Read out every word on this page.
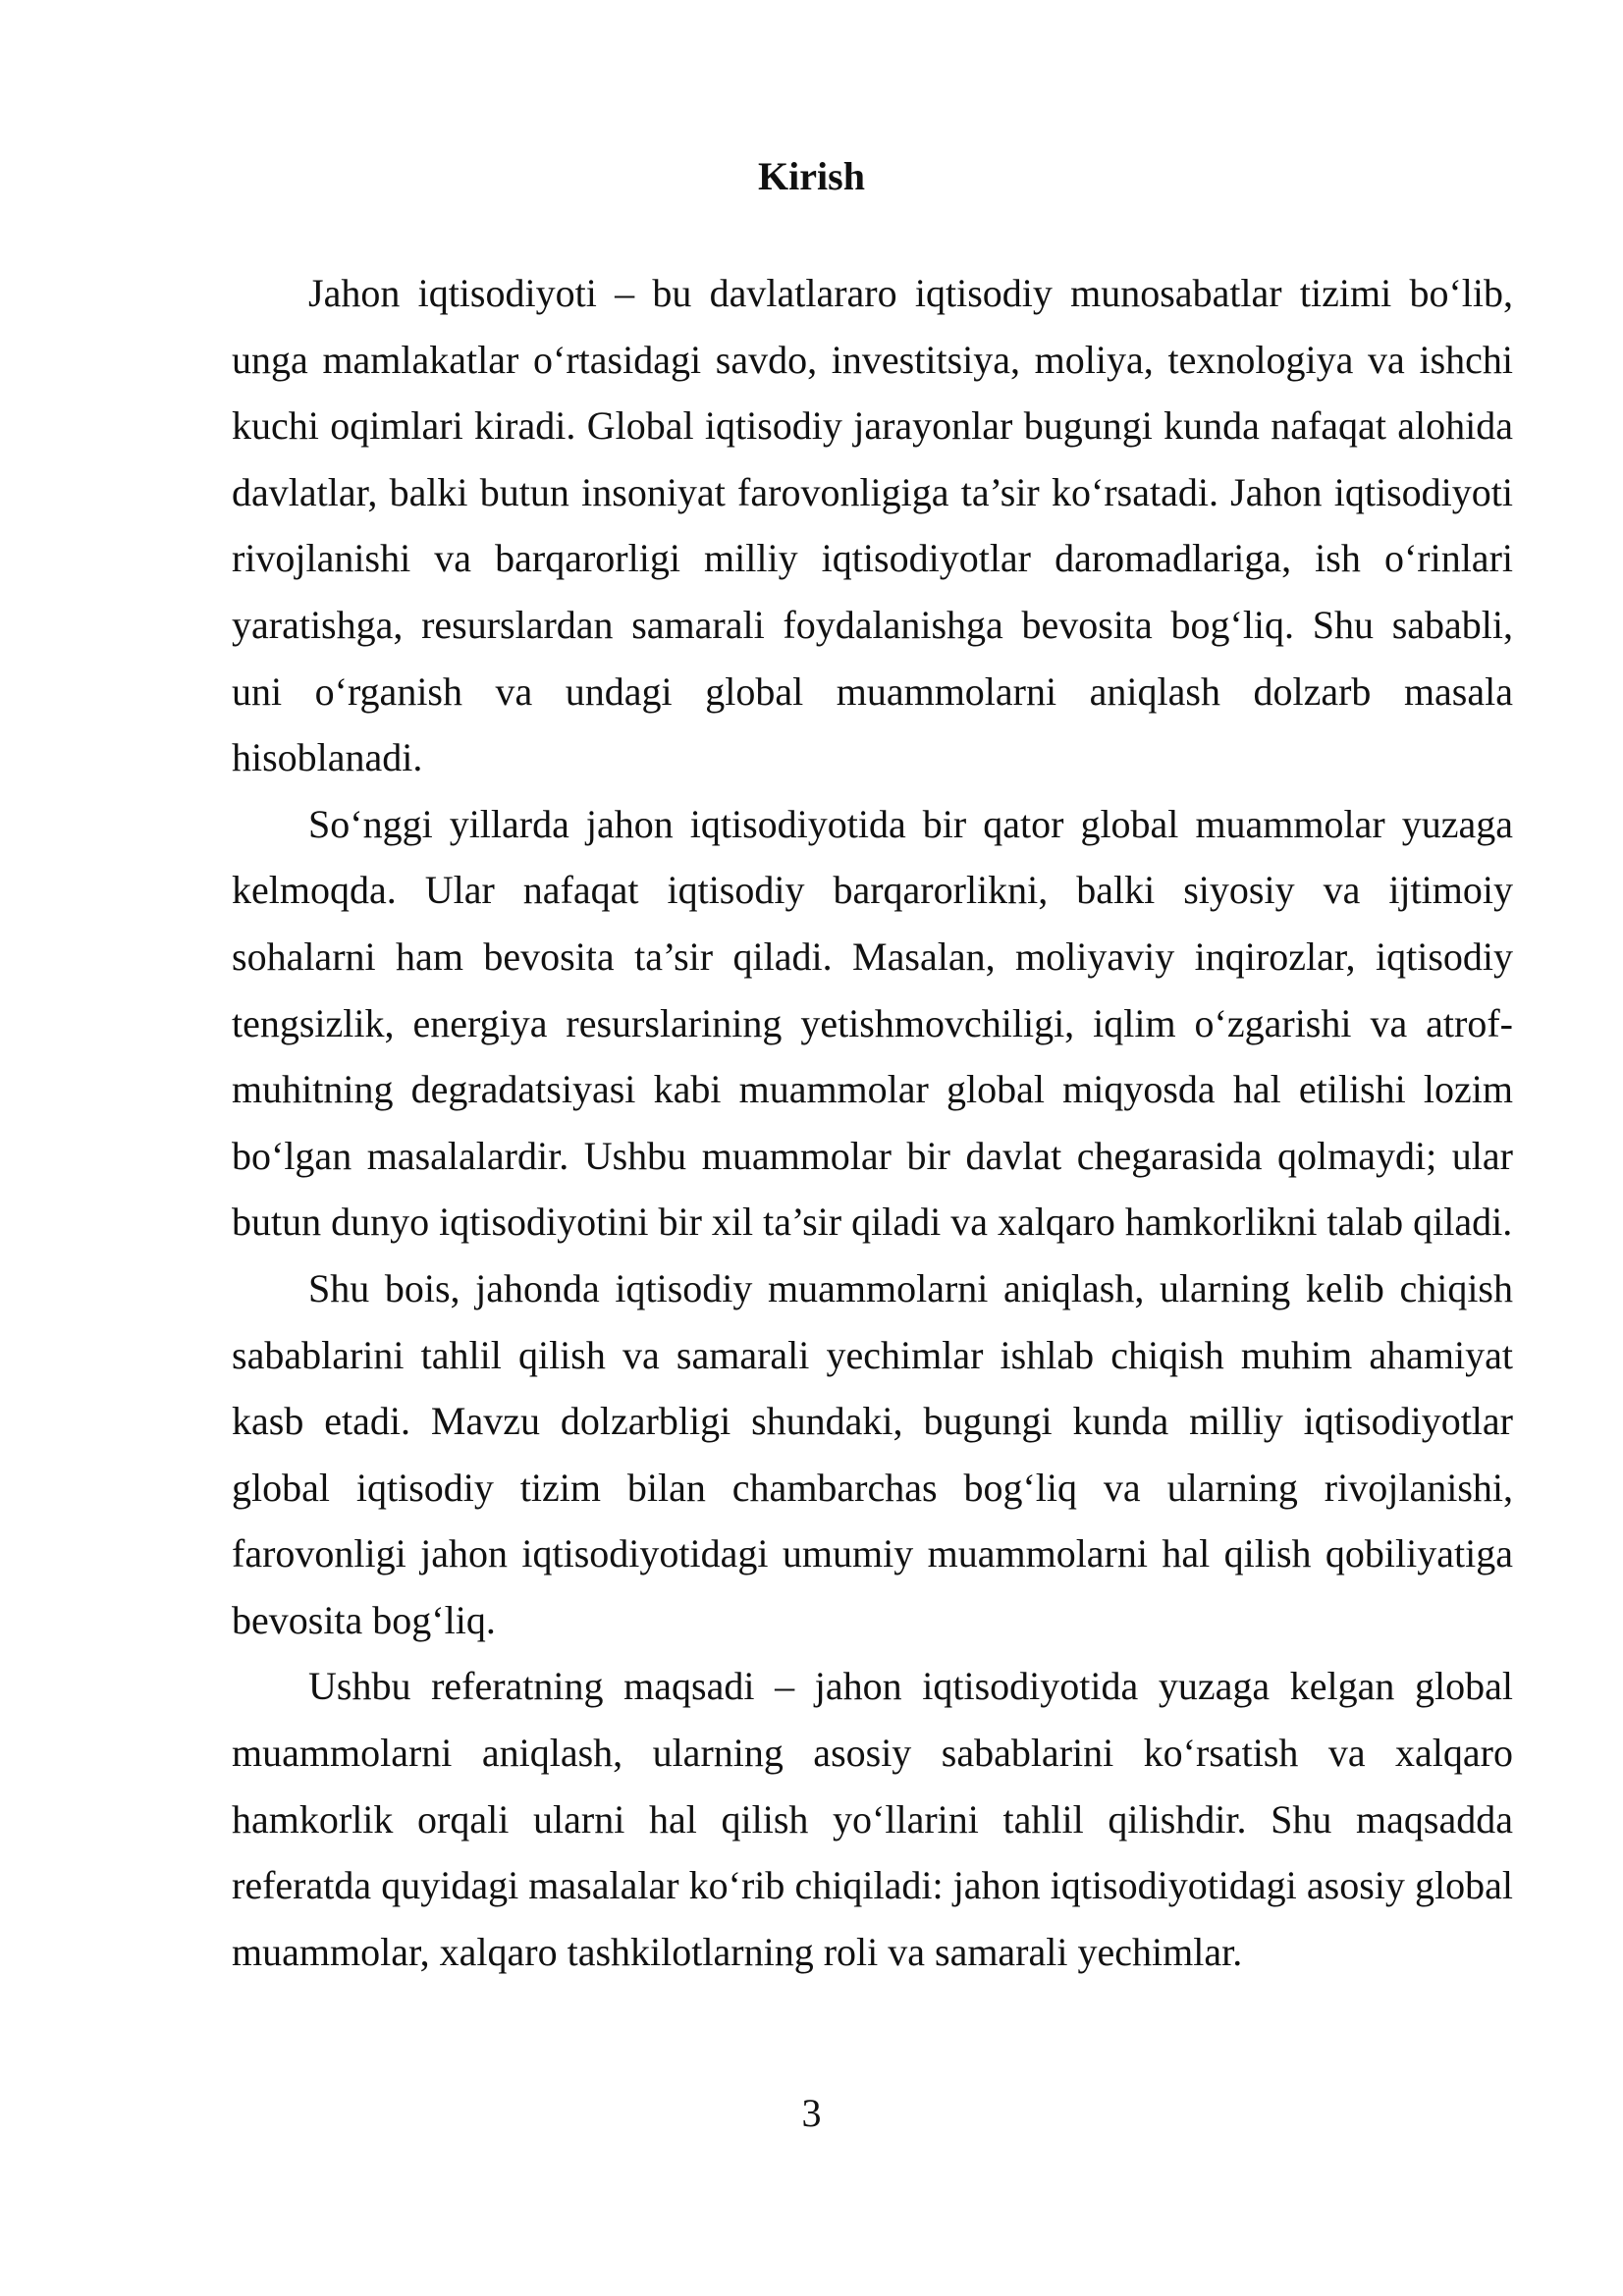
Kirish

Jahon iqtisodiyoti – bu davlatlararo iqtisodiy munosabatlar tizimi bo‘lib, unga mamlakatlar o‘rtasidagi savdo, investitsiya, moliya, texnologiya va ishchi kuchi oqimlari kiradi. Global iqtisodiy jarayonlar bugungi kunda nafaqat alohida davlatlar, balki butun insoniyat farovonligiga ta’sir ko‘rsatadi. Jahon iqtisodiyoti rivojlanishi va barqarorligi milliy iqtisodiyotlar daromadlariga, ish o‘rinlari yaratishga, resurslardan samarali foydalanishga bevosita bog‘liq. Shu sababli, uni o‘rganish va undagi global muammolarni aniqlash dolzarb masala hisoblanadi.

So‘nggi yillarda jahon iqtisodiyotida bir qator global muammolar yuzaga kelmoqda. Ular nafaqat iqtisodiy barqarorlikni, balki siyosiy va ijtimoiy sohalarni ham bevosita ta’sir qiladi. Masalan, moliyaviy inqirozlar, iqtisodiy tengsizlik, energiya resurslarining yetishmovchiligi, iqlim o‘zgarishi va atrof-muhitning degradatsiyasi kabi muammolar global miqyosda hal etilishi lozim bo‘lgan masalalardir. Ushbu muammolar bir davlat chegarasida qolmaydi; ular butun dunyo iqtisodiyotini bir xil ta’sir qiladi va xalqaro hamkorlikni talab qiladi.

Shu bois, jahonda iqtisodiy muammolarni aniqlash, ularning kelib chiqish sabablarini tahlil qilish va samarali yechimlar ishlab chiqish muhim ahamiyat kasb etadi. Mavzu dolzarbligi shundaki, bugungi kunda milliy iqtisodiyotlar global iqtisodiy tizim bilan chambarchas bog‘liq va ularning rivojlanishi, farovonligi jahon iqtisodiyotidagi umumiy muammolarni hal qilish qobiliyatiga bevosita bog‘liq.

Ushbu referatning maqsadi – jahon iqtisodiyotida yuzaga kelgan global muammolarni aniqlash, ularning asosiy sabablarini ko‘rsatish va xalqaro hamkorlik orqali ularni hal qilish yo‘llarini tahlil qilishdir. Shu maqsadda referatda quyidagi masalalar ko‘rib chiqiladi: jahon iqtisodiyotidagi asosiy global muammolar, xalqaro tashkilotlarning roli va samarali yechimlar.

3
